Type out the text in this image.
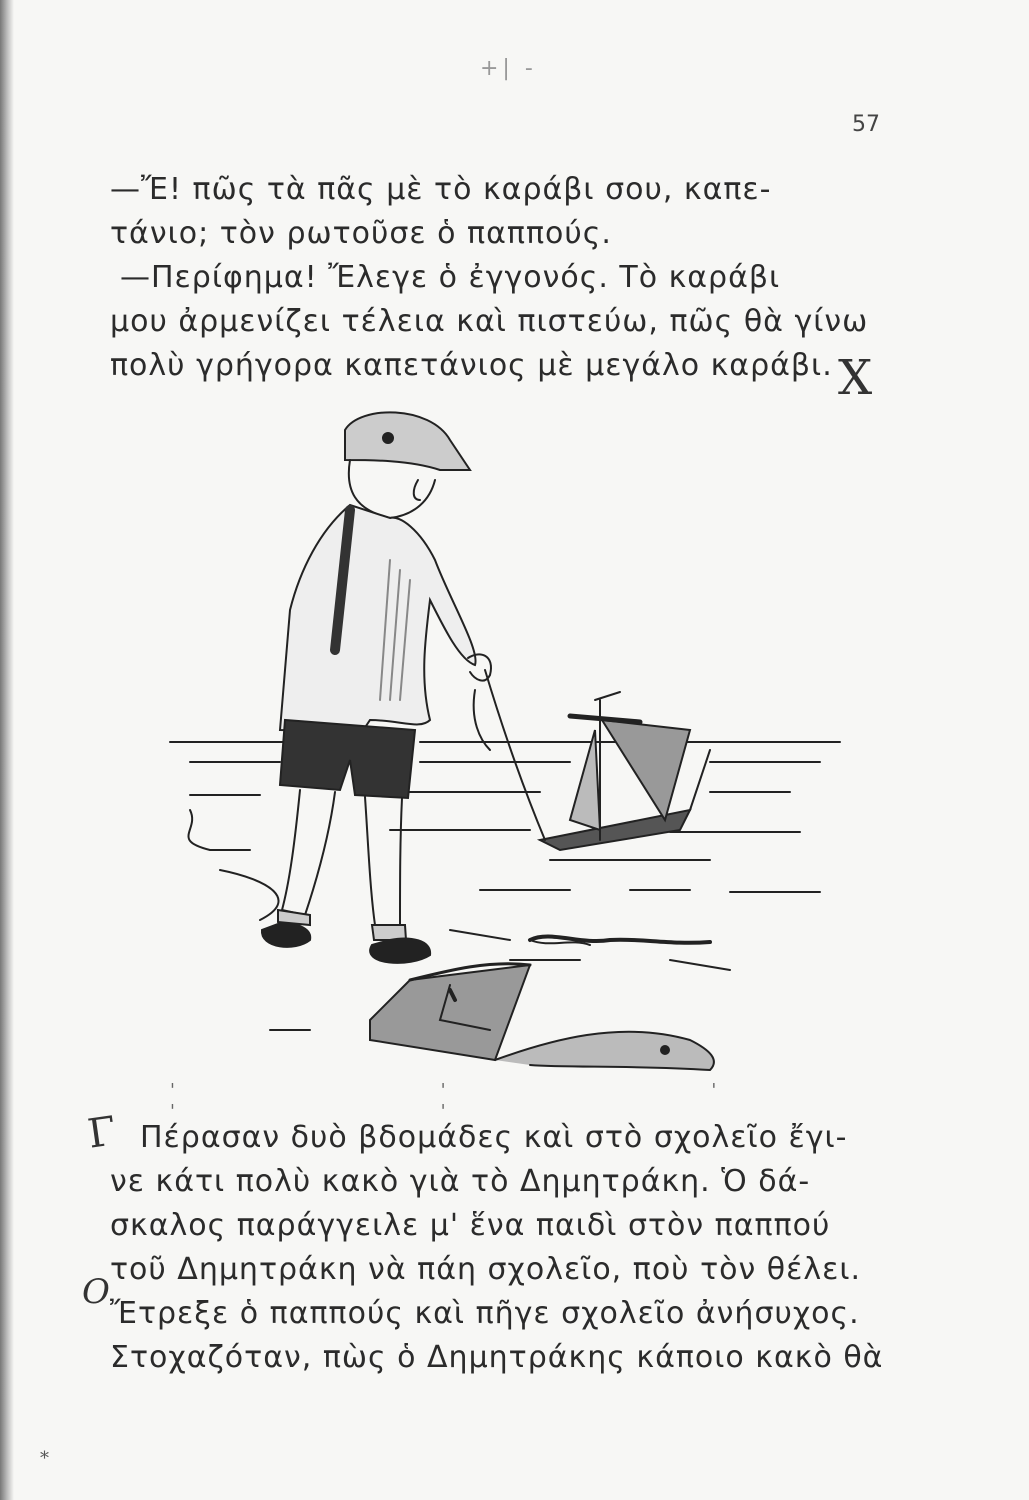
+| -
57

—Ἔ! πῶς τὰ πᾶς μὲ τὸ καράβι σου, καπε-

τάνιο; τὸν ρωτοῦσε ὁ παππούς.

—Περίφημα! Ἔλεγε ὁ ἐγγονός. Τὸ καράβι

μου ἀρμενίζει τέλεια καὶ πιστεύω, πῶς θὰ γίνω

πολὺ γρήγορα καπετάνιος μὲ μεγάλο καράβι. Χ
' ' ' ' '
Γ Πέρασαν δυὸ βδομάδες καὶ στὸ σχολεῖο ἔγι-

νε κάτι πολὺ κακὸ γιὰ τὸ Δημητράκη. Ὁ δά-

σκαλος παράγγειλε μ' ἕνα παιδὶ στὸν παππού

τοῦ Δημητράκη νὰ πάη σχολεῖο, ποὺ τὸν θέλει.

Ἔτρεξε ὁ παππούς καὶ πῆγε σχολεῖο ἀνήσυχος.

Στοχαζόταν, πὼς ὁ Δημητράκης κάποιο κακὸ θὰ

Ο
*
